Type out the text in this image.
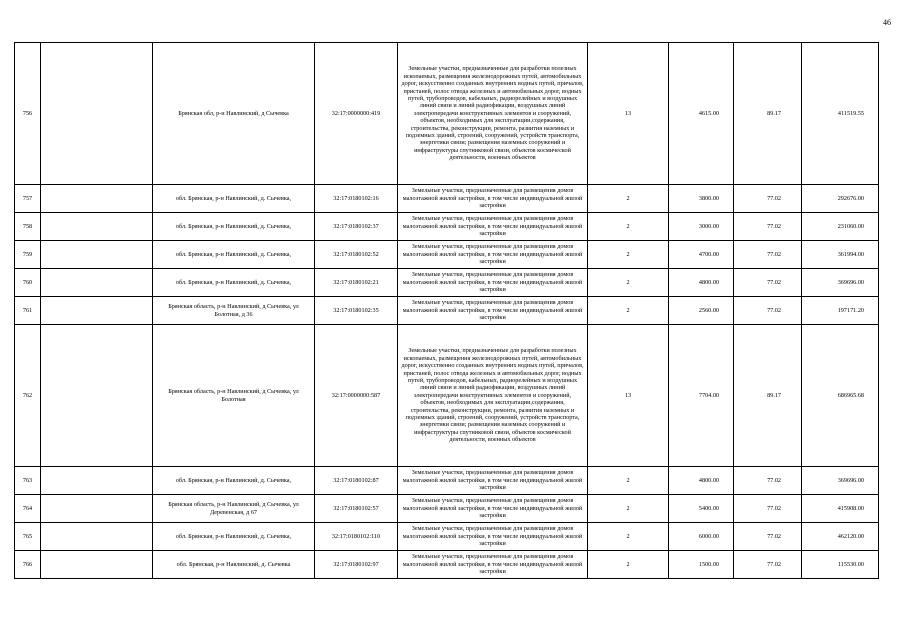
46
756		Брянская обл, р-н Навлинский, д Сычевка	32:17:0000000:419	Земельные участки, предназначенные для разработки полезных ископаемых, размещения железнодорожных путей, автомобильных дорог, искусственно созданных внутренних водных путей, причалов, пристаней, полос отвода железных и автомобильных дорог, водных путей, трубопроводов, кабельных, радиорелейных и воздушных линий связи и линий радиофикации, воздушных линий электропередачи конструктивных элементов и сооружений, объектов, необходимых для эксплуатации,содержания, строительства, реконструкции, ремонта, развития наземных и подземных зданий, строений, сооружений, устройств транспорта, энергетики связи; размещения наземных сооружений и инфраструктуры спутниковой связи, объектов космической деятельности, военных объектов	13	4615.00	89.17	411519.55
757		обл. Брянская, р-н Навлинский, д. Сычевка,	32:17:0180102:16	Земельные участки, предназначенные для размещения домов малоэтажной жилой застройки, в том числе индивидуальной жилой застройки	2	3800.00	77.02	292676.00
758		обл. Брянская, р-н Навлинский, д. Сычевка,	32:17:0180102:37	Земельные участки, предназначенные для размещения домов малоэтажной жилой застройки, в том числе индивидуальной жилой застройки	2	3000.00	77.02	231060.00
759		обл. Брянская, р-н Навлинский, д. Сычевка,	32:17:0180102:52	Земельные участки, предназначенные для размещения домов малоэтажной жилой застройки, в том числе индивидуальной жилой застройки	2	4700.00	77.02	361994.00
760		обл. Брянская, р-н Навлинский, д. Сычевка,	32:17:0180102:21	Земельные участки, предназначенные для размещения домов малоэтажной жилой застройки, в том числе индивидуальной жилой застройки	2	4800.00	77.02	369696.00
761		Брянская область, р-н Навлинский, д Сычевка, ул Болотная, д 36	32:17:0180102:35	Земельные участки, предназначенные для размещения домов малоэтажной жилой застройки, в том числе индивидуальной жилой застройки	2	2560.00	77.02	197171.20
762		Брянская область, р-н Навлинский, д Сычевка, ул Болотная	32:17:0000000:587	Земельные участки, предназначенные для разработки полезных ископаемых, размещения железнодорожных путей, автомобильных дорог, искусственно созданных внутренних водных путей, причалов, пристаней, полос отвода железных и автомобильных дорог, водных путей, трубопроводов, кабельных, радиорелейных и воздушных линий связи и линий радиофикации, воздушных линий электропередачи конструктивных элементов и сооружений, объектов, необходимых для эксплуатации,содержания, строительства, реконструкции, ремонта, развития наземных и подземных зданий, строений, сооружений, устройств транспорта, энергетики связи; размещения наземных сооружений и инфраструктуры спутниковой связи, объектов космической деятельности, военных объектов	13	7704.00	89.17	686965.68
763		обл. Брянская, р-н Навлинский, д. Сычевка,	32:17:0180102:87	Земельные участки, предназначенные для размещения домов малоэтажной жилой застройки, в том числе индивидуальной жилой застройки	2	4800.00	77.02	369696.00
764		Брянская область, р-н Навлинский, д Сычевка, ул Деревенская, д 67	32:17:0180102:57	Земельные участки, предназначенные для размещения домов малоэтажной жилой застройки, в том числе индивидуальной жилой застройки	2	5400.00	77.02	415908.00
765		обл. Брянская, р-н Навлинский, д. Сычевка,	32:17:0180102:110	Земельные участки, предназначенные для размещения домов малоэтажной жилой застройки, в том числе индивидуальной жилой застройки	2	6000.00	77.02	462120.00
766		обл. Брянская, р-н Навлинский, д. Сычевка	32:17:0180102:97	Земельные участки, предназначенные для размещения домов малоэтажной жилой застройки, в том числе индивидуальной жилой застройки	2	1500.00	77.02	115530.00
